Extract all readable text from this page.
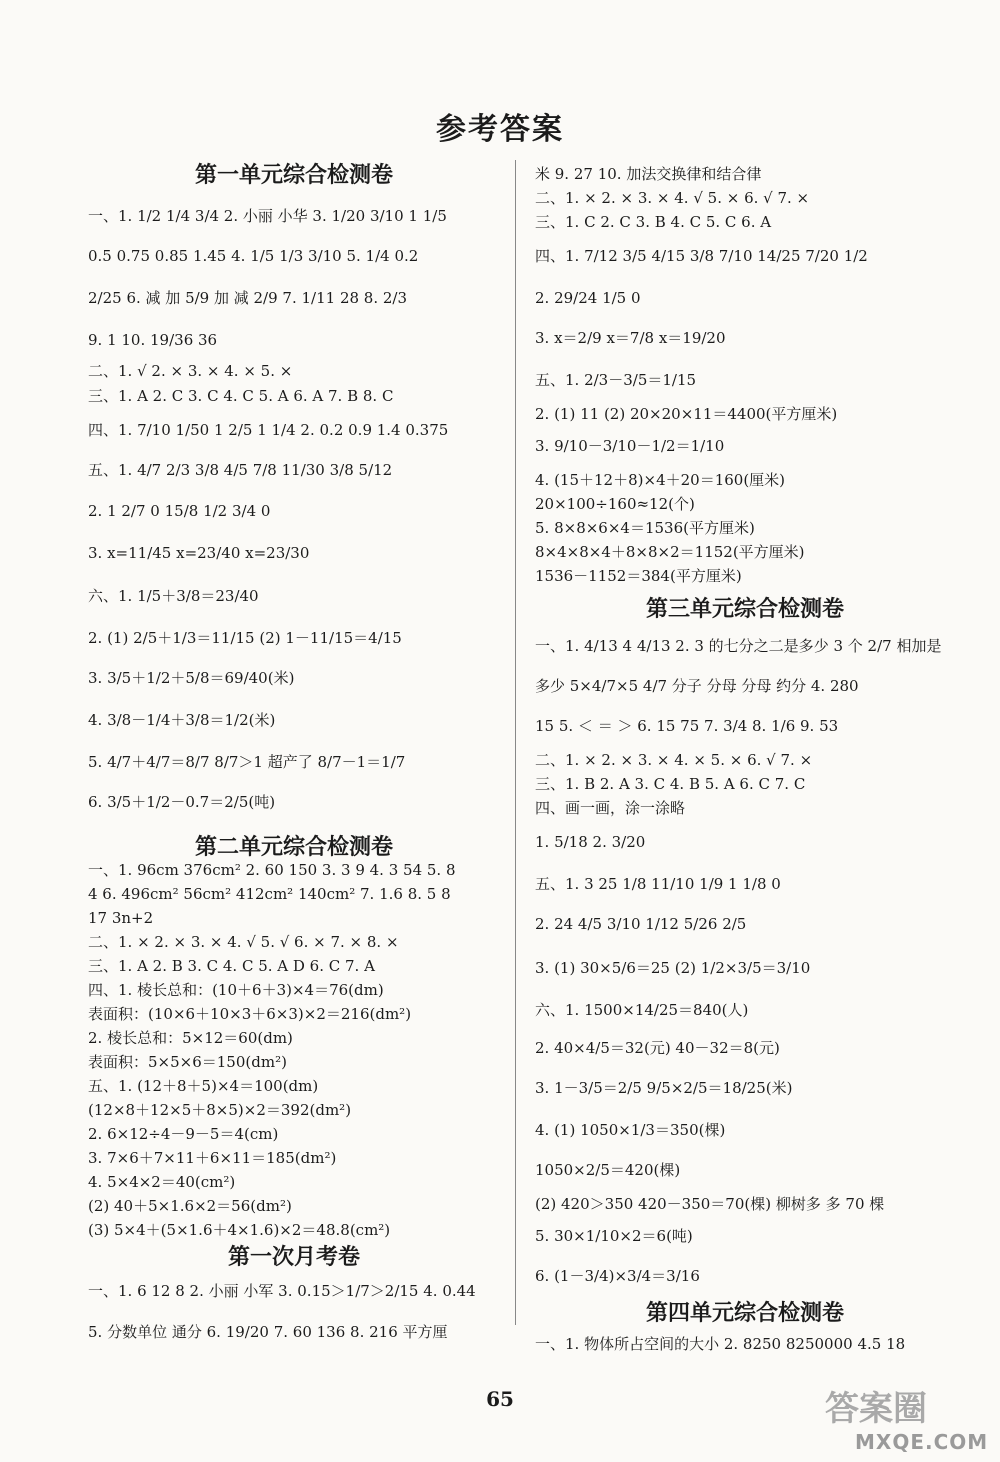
参考答案
第一单元综合检测卷
一、1. 1/2 1/4 3/4 2. 小丽 小华 3. 1/20 3/10 1 1/5
0.5 0.75 0.85 1.45 4. 1/5 1/3 3/10 5. 1/4 0.2
2/25 6. 减 加 5/9 加 减 2/9 7. 1/11 28 8. 2/3
9. 1 10. 19/36 36
二、1. √ 2. × 3. × 4. × 5. ×
三、1. A 2. C 3. C 4. C 5. A 6. A 7. B 8. C
四、1. 7/10 1/50 1 2/5 1 1/4 2. 0.2 0.9 1.4 0.375
五、1. 4/7 2/3 3/8 4/5 7/8 11/30 3/8 5/12
2. 1 2/7 0 15/8 1/2 3/4 0
3. x=11/45 x=23/40 x=23/30
六、1. 1/5＋3/8＝23/40
2. (1) 2/5＋1/3＝11/15 (2) 1－11/15＝4/15
3. 3/5＋1/2＋5/8＝69/40(米)
4. 3/8－1/4＋3/8＝1/2(米)
5. 4/7＋4/7＝8/7 8/7＞1 超产了 8/7－1＝1/7
6. 3/5＋1/2－0.7＝2/5(吨)
第二单元综合检测卷
一、1. 96cm 376cm² 2. 60 150 3. 3 9 4. 3 54 5. 8
4 6. 496cm² 56cm² 412cm² 140cm² 7. 1.6 8. 5 8
17 3n+2
二、1. × 2. × 3. × 4. √ 5. √ 6. × 7. × 8. ×
三、1. A 2. B 3. C 4. C 5. A D 6. C 7. A
四、1. 棱长总和：(10＋6＋3)×4＝76(dm)
表面积：(10×6＋10×3＋6×3)×2＝216(dm²)
2. 棱长总和：5×12＝60(dm)
表面积：5×5×6＝150(dm²)
五、1. (12＋8＋5)×4＝100(dm)
(12×8＋12×5＋8×5)×2＝392(dm²)
2. 6×12÷4－9－5＝4(cm)
3. 7×6＋7×11＋6×11＝185(dm²)
4. 5×4×2＝40(cm²)
(2) 40＋5×1.6×2＝56(dm²)
(3) 5×4＋(5×1.6＋4×1.6)×2＝48.8(cm²)
第一次月考卷
一、1. 6 12 8 2. 小丽 小军 3. 0.15＞1/7＞2/15 4. 0.44
5. 分数单位 通分 6. 19/20 7. 60 136 8. 216 平方厘
米 9. 27 10. 加法交换律和结合律
二、1. × 2. × 3. × 4. √ 5. × 6. √ 7. ×
三、1. C 2. C 3. B 4. C 5. C 6. A
四、1. 7/12 3/5 4/15 3/8 7/10 14/25 7/20 1/2
2. 29/24 1/5 0
3. x＝2/9 x＝7/8 x＝19/20
五、1. 2/3－3/5＝1/15
2. (1) 11 (2) 20×20×11＝4400(平方厘米)
3. 9/10－3/10－1/2＝1/10
4. (15＋12＋8)×4＋20＝160(厘米)
20×100÷160≈12(个)
5. 8×8×6×4＝1536(平方厘米)
8×4×8×4＋8×8×2＝1152(平方厘米)
1536－1152＝384(平方厘米)
第三单元综合检测卷
一、1. 4/13 4 4/13 2. 3 的七分之二是多少 3 个 2/7 相加是
多少 5×4/7×5 4/7 分子 分母 分母 约分 4. 280
15 5. ＜ ＝ ＞ 6. 15 75 7. 3/4 8. 1/6 9. 53
二、1. × 2. × 3. × 4. × 5. × 6. √ 7. ×
三、1. B 2. A 3. C 4. B 5. A 6. C 7. C
四、画一画，涂一涂略
1. 5/18 2. 3/20
五、1. 3 25 1/8 11/10 1/9 1 1/8 0
2. 24 4/5 3/10 1/12 5/26 2/5
3. (1) 30×5/6＝25 (2) 1/2×3/5＝3/10
六、1. 1500×14/25＝840(人)
2. 40×4/5＝32(元) 40－32＝8(元)
3. 1－3/5＝2/5 9/5×2/5＝18/25(米)
4. (1) 1050×1/3＝350(棵)
1050×2/5＝420(棵)
(2) 420＞350 420－350＝70(棵) 柳树多 多 70 棵
5. 30×1/10×2＝6(吨)
6. (1－3/4)×3/4＝3/16
第四单元综合检测卷
一、1. 物体所占空间的大小 2. 8250 8250000 4.5 18
65	答案圈
MXQE.COM
